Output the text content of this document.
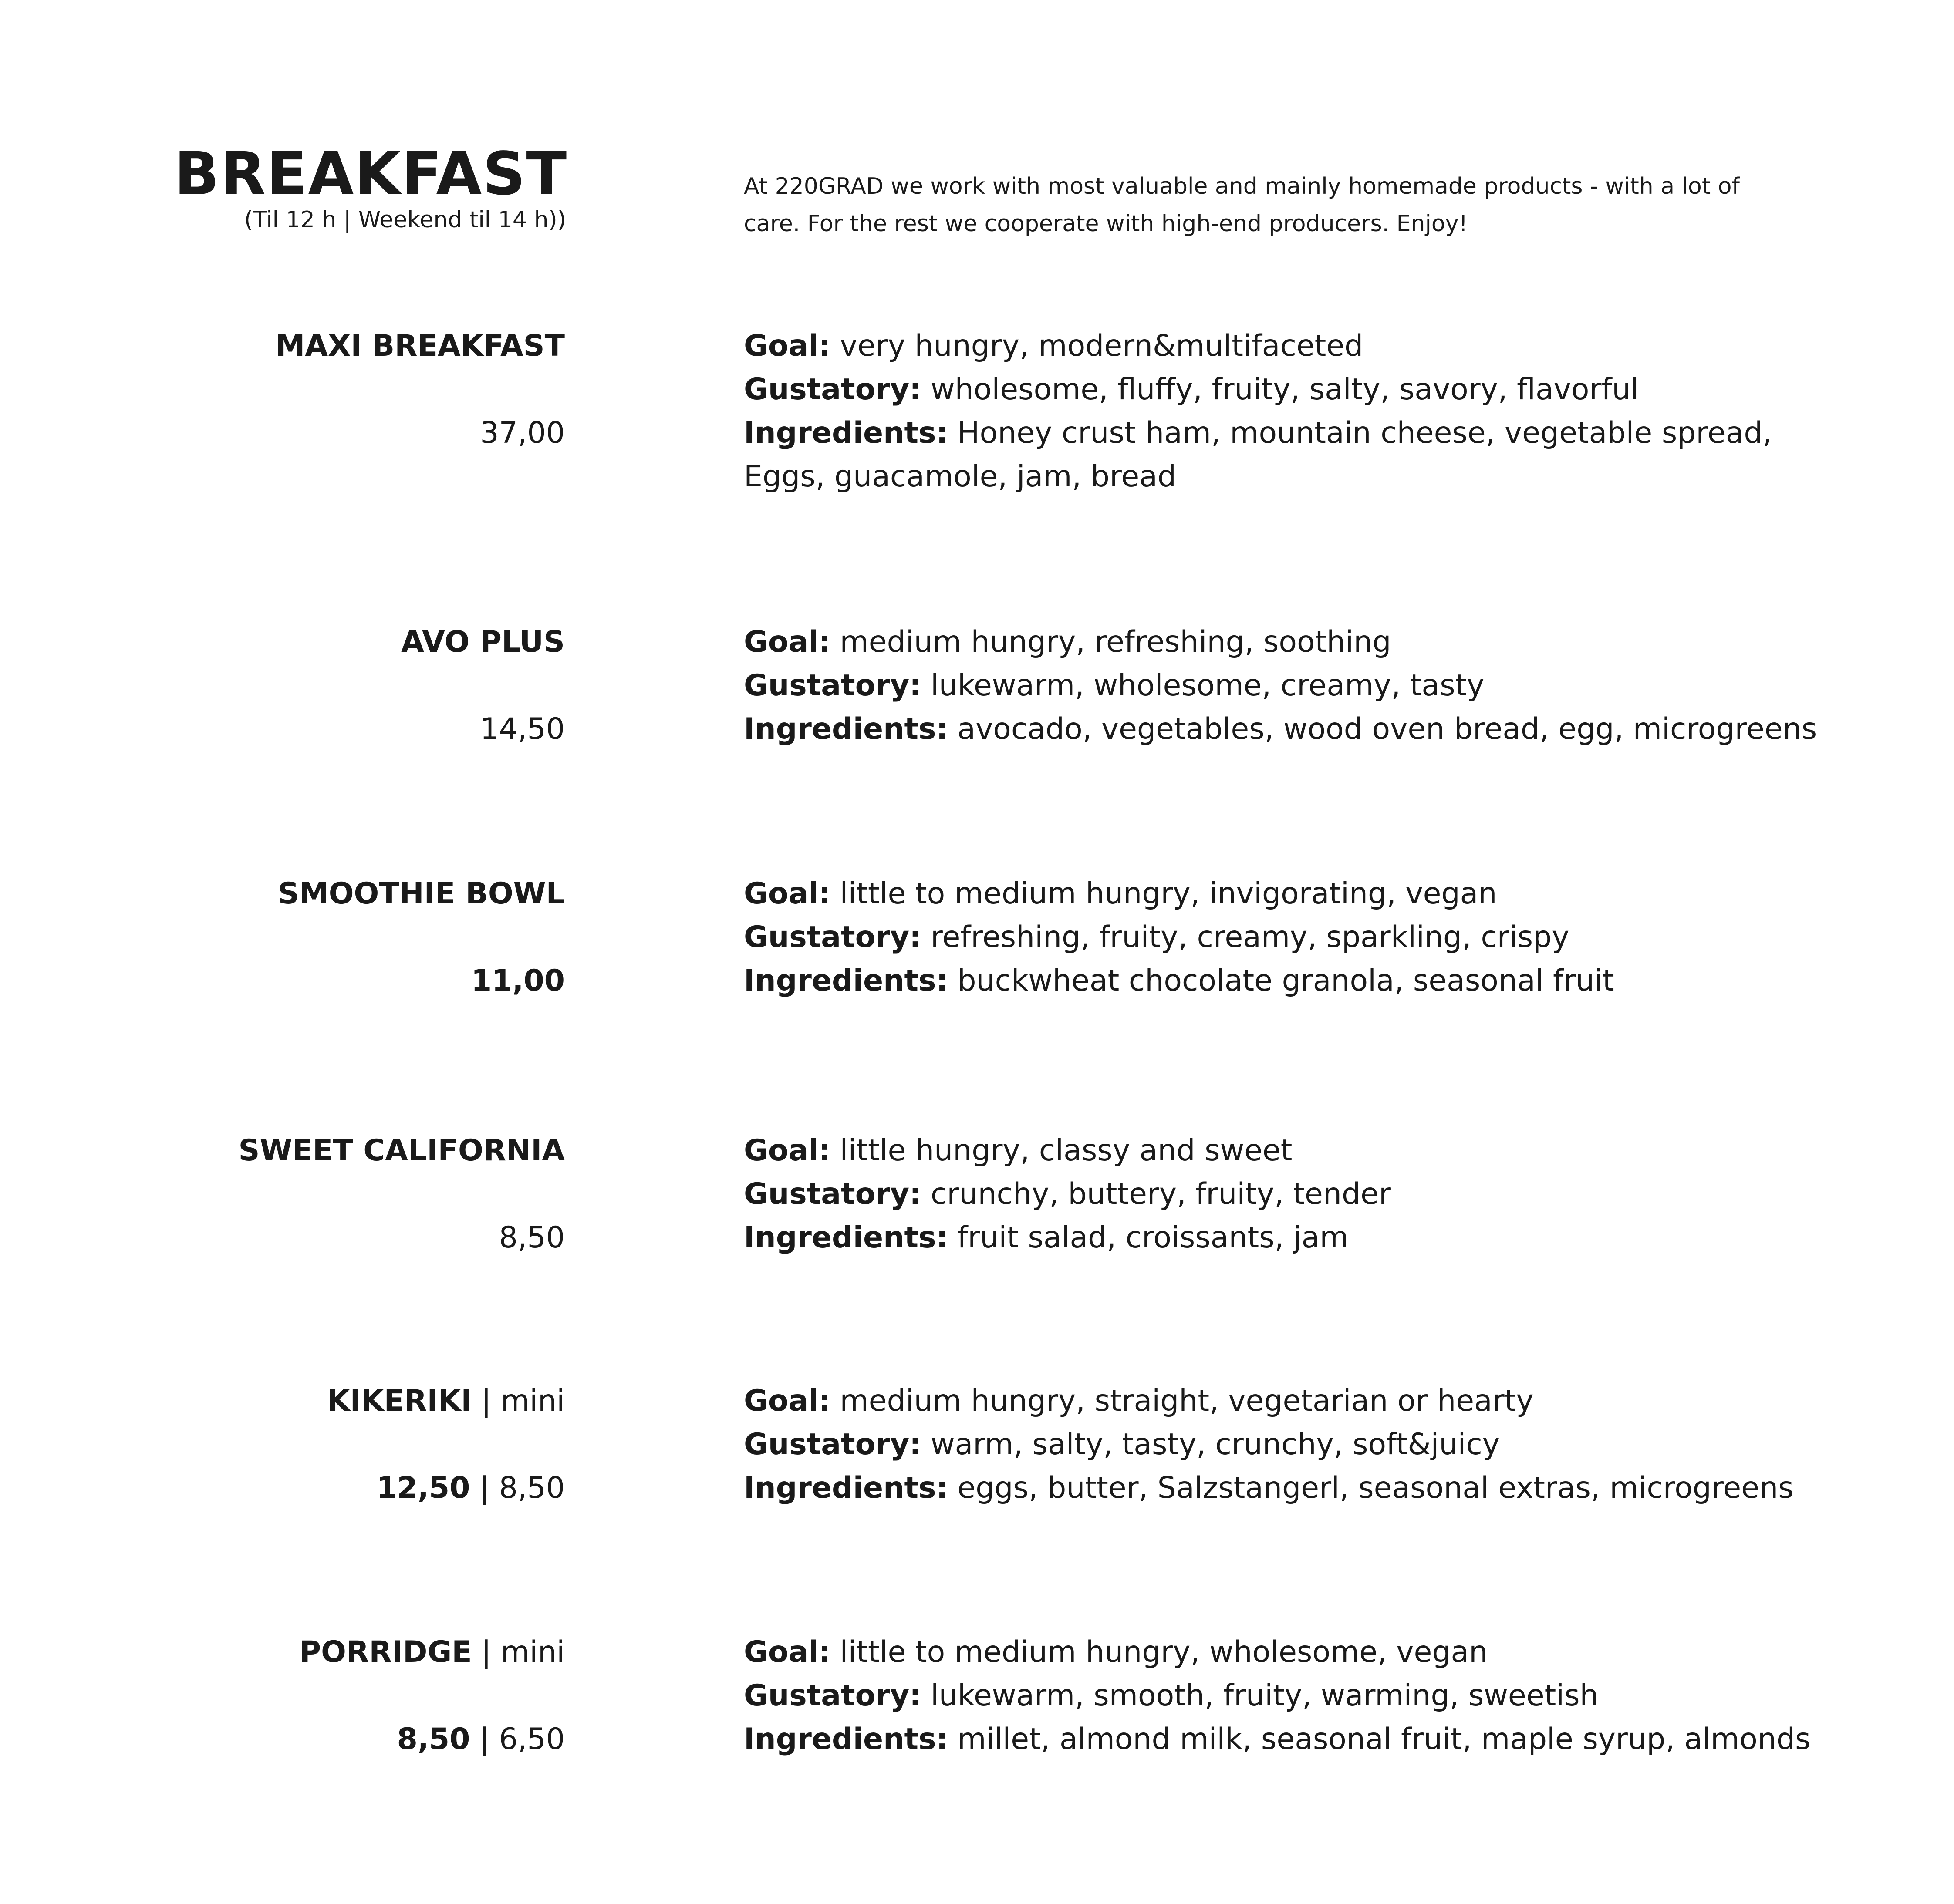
BREAKFAST
(Til 12 h | Weekend til 14 h))
At 220GRAD we work with most valuable and mainly homemade products - with a lot of care. For the rest we cooperate with high-end producers. Enjoy!
MAXI BREAKFAST
37,00
Goal: very hungry, modern&multifaceted
Gustatory: wholesome, fluffy, fruity, salty, savory, flavorful
Ingredients: Honey crust ham, mountain cheese, vegetable spread,
Eggs, guacamole, jam, bread
AVO PLUS
14,50
Goal: medium hungry, refreshing, soothing
Gustatory: lukewarm, wholesome, creamy, tasty
Ingredients: avocado, vegetables, wood oven bread, egg, microgreens
SMOOTHIE BOWL
11,00
Goal: little to medium hungry, invigorating, vegan
Gustatory: refreshing, fruity, creamy, sparkling, crispy
Ingredients: buckwheat chocolate granola, seasonal fruit
SWEET CALIFORNIA
8,50
Goal: little hungry, classy and sweet
Gustatory: crunchy, buttery, fruity, tender
Ingredients: fruit salad, croissants, jam
KIKERIKI | mini
12,50 | 8,50
Goal: medium hungry, straight, vegetarian or hearty
Gustatory: warm, salty, tasty, crunchy, soft&juicy
Ingredients: eggs, butter, Salzstangerl, seasonal extras, microgreens
PORRIDGE | mini
8,50 | 6,50
Goal: little to medium hungry, wholesome, vegan
Gustatory: lukewarm, smooth, fruity, warming, sweetish
Ingredients: millet, almond milk, seasonal fruit, maple syrup, almonds
